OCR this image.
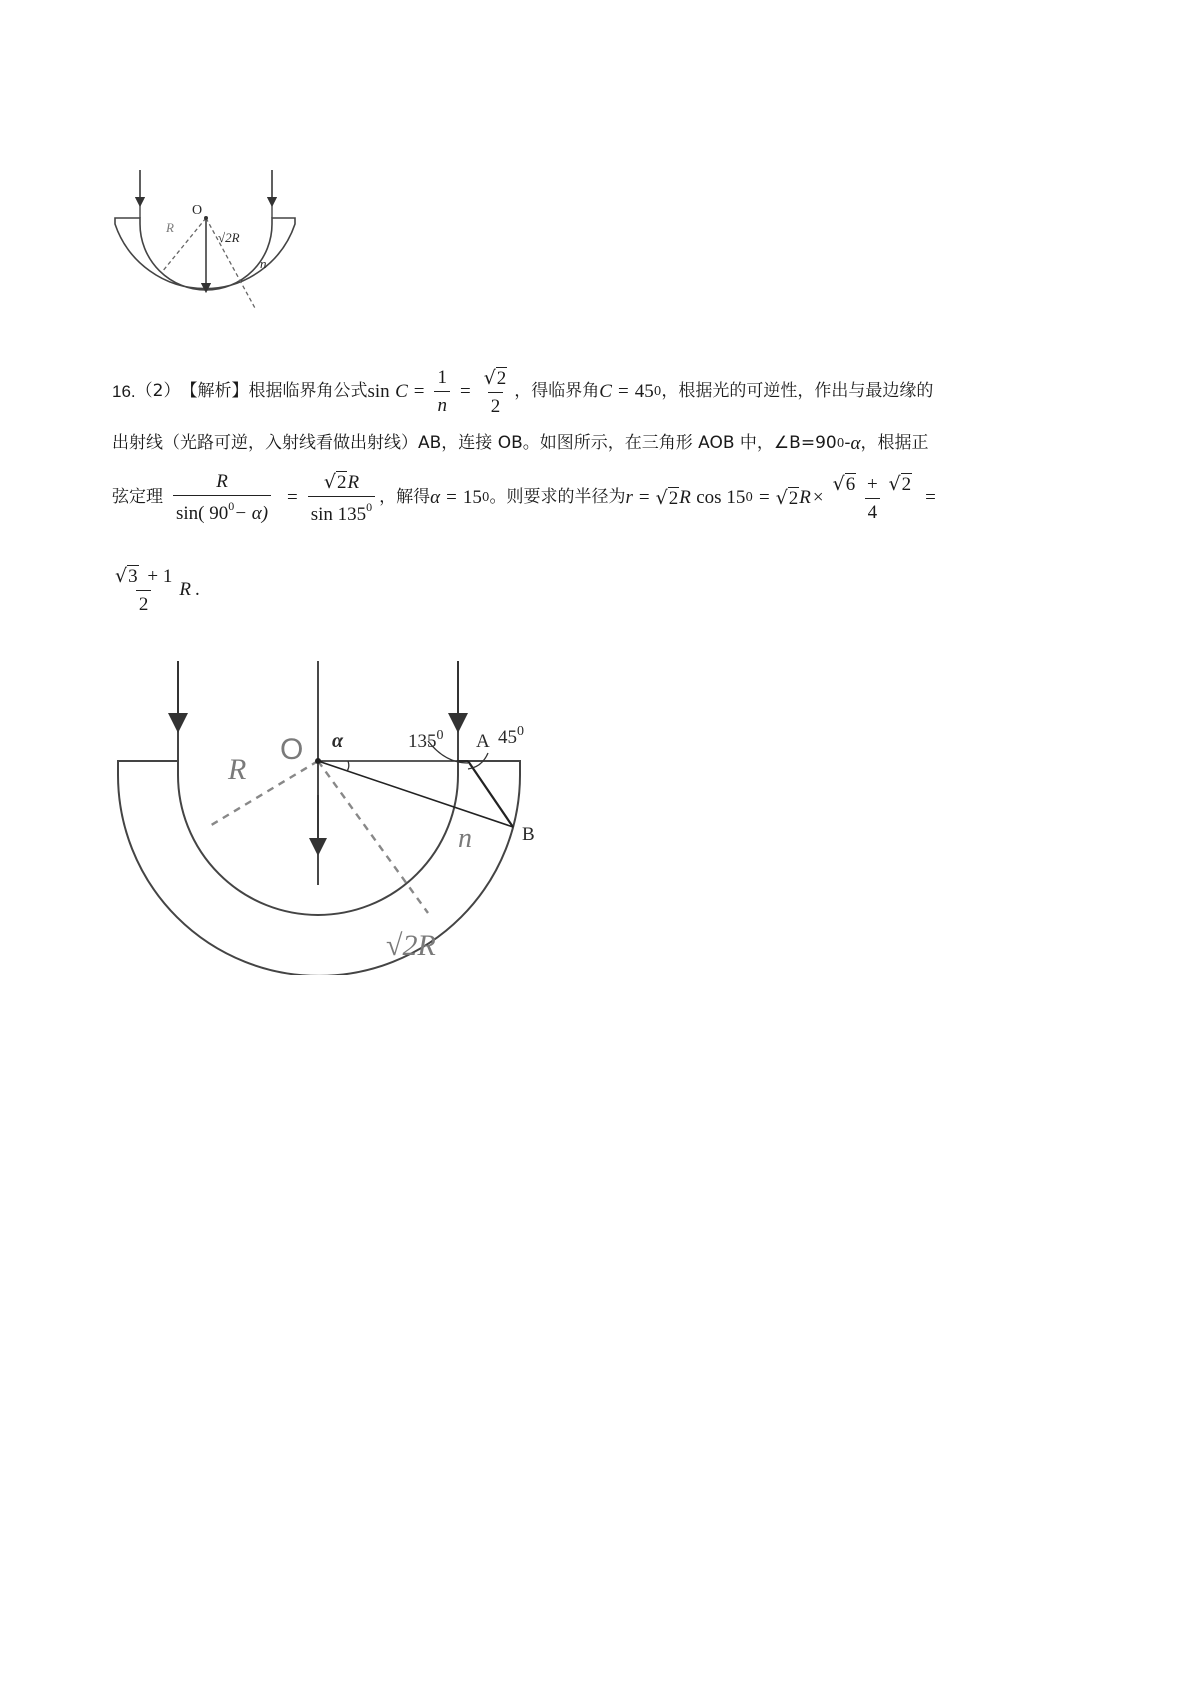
O
R
√2R
n
16. （2） 【解析】 根据临界角公式 sin
$C = \frac{1}{n} = \frac{√ 2}{2}$ ，得临界角 C = 45 0 ，根据光的可逆性，作出与最边缘的
出射线（光路可逆，入射线看做出射线）AB，连接 OB。如图所示，在三角形 AOB 中，∠B=90 0 - α ，根据正
弦定理 $\frac{R}{\sin( 90^0- \alpha)} = \frac{√ 2 R}{\sin 135^0}$ ，解得 α = 15 0 。则要求的半径为 r = √ 2 R
cos 15 0 = √ 2 $R \times \frac{√ 6 + √ 2}{4}$ =
$\frac{√ 3 + 1}{2}$ R .
O α	$135^0$ A $45^0$
R
B
n
√2R
